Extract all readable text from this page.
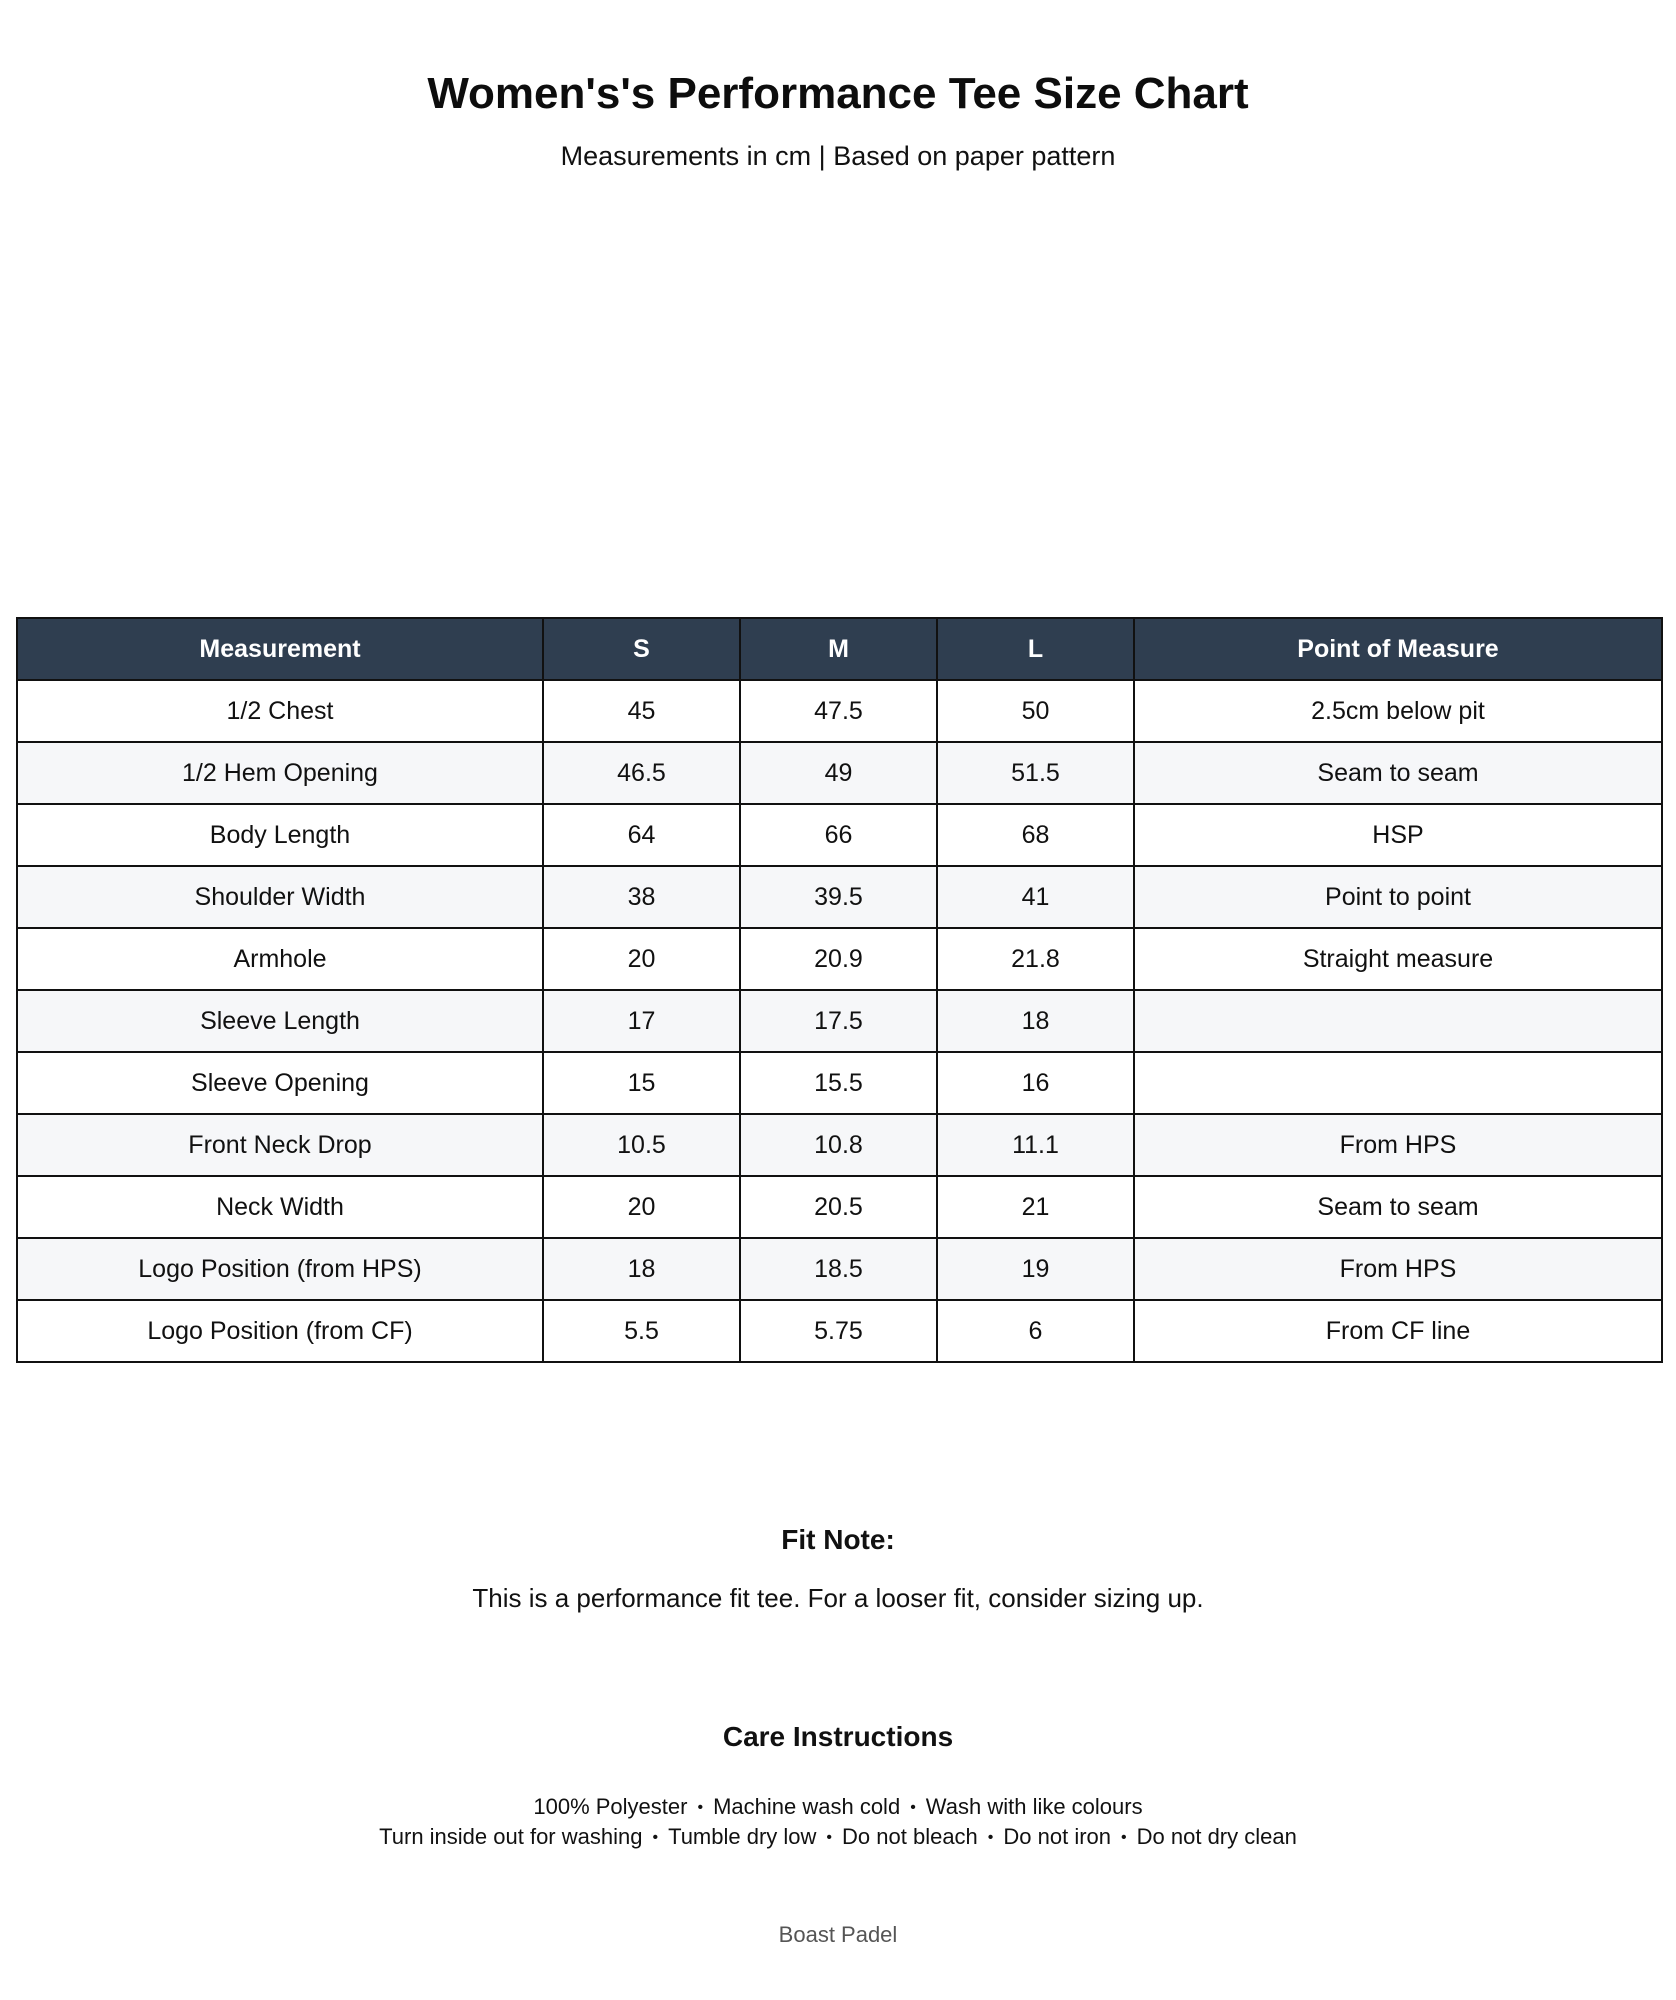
Women's's Performance Tee Size Chart
Measurements in cm | Based on paper pattern
Measurement	S	M	L	Point of Measure
1/2 Chest	45	47.5	50	2.5cm below pit
1/2 Hem Opening	46.5	49	51.5	Seam to seam
Body Length	64	66	68	HSP
Shoulder Width	38	39.5	41	Point to point
Armhole	20	20.9	21.8	Straight measure
Sleeve Length	17	17.5	18	
Sleeve Opening	15	15.5	16	
Front Neck Drop	10.5	10.8	11.1	From HPS
Neck Width	20	20.5	21	Seam to seam
Logo Position (from HPS)	18	18.5	19	From HPS
Logo Position (from CF)	5.5	5.75	6	From CF line
Fit Note:
This is a performance fit tee. For a looser fit, consider sizing up.
Care Instructions
100% Polyester • Machine wash cold • Wash with like colours
Turn inside out for washing • Tumble dry low • Do not bleach • Do not iron • Do not dry clean
Boast Padel
